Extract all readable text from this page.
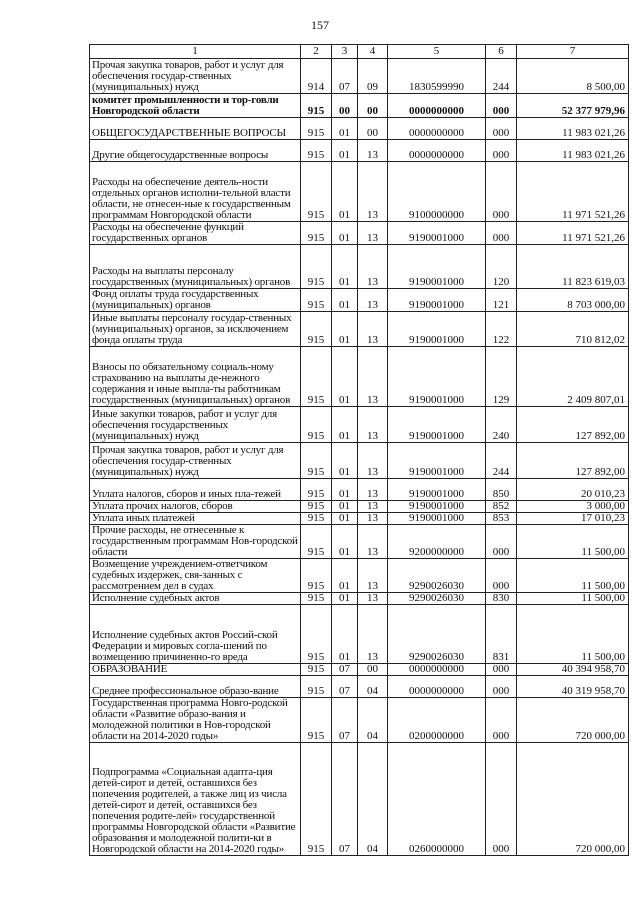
157
1	2	3	4	5	6	7
Прочая закупка товаров, работ и услуг для обеспечения государ-ственных (муниципальных) нужд	914	07	09	1830599990	244	8 500,00
комитет промышленности и тор-говли Новгородской области	915	00	00	0000000000	000	52 377 979,96
ОБЩЕГОСУДАРСТВЕННЫЕ ВОПРОСЫ	915	01	00	0000000000	000	11 983 021,26
Другие общегосударственные вопросы	915	01	13	0000000000	000	11 983 021,26
Расходы на обеспечение деятель-ности отдельных органов исполни-тельной власти области, не отнесен-ные к государственным программам Новгородской области	915	01	13	9100000000	000	11 971 521,26
Расходы на обеспечение функций государственных органов	915	01	13	9190001000	000	11 971 521,26
Расходы на выплаты персоналу государственных (муниципальных) органов	915	01	13	9190001000	120	11 823 619,03
Фонд оплаты труда государственных (муниципальных) органов	915	01	13	9190001000	121	8 703 000,00
Иные выплаты персоналу государ-ственных (муниципальных) органов, за исключением фонда оплаты труда	915	01	13	9190001000	122	710 812,02
Взносы по обязательному социаль-ному страхованию на выплаты де-нежного содержания и иные выпла-ты работникам государственных (муниципальных) органов	915	01	13	9190001000	129	2 409 807,01
Иные закупки товаров, работ и услуг для обеспечения государственных (муниципальных) нужд	915	01	13	9190001000	240	127 892,00
Прочая закупка товаров, работ и услуг для обеспечения государ-ственных (муниципальных) нужд	915	01	13	9190001000	244	127 892,00
Уплата налогов, сборов и иных пла-тежей	915	01	13	9190001000	850	20 010,23
Уплата прочих налогов, сборов	915	01	13	9190001000	852	3 000,00
Уплата иных платежей	915	01	13	9190001000	853	17 010,23
Прочие расходы, не отнесенные к государственным программам Нов-городской области	915	01	13	9200000000	000	11 500,00
Возмещение учреждением-ответчиком судебных издержек, свя-занных с рассмотрением дел в судах	915	01	13	9290026030	000	11 500,00
Исполнение судебных актов	915	01	13	9290026030	830	11 500,00
Исполнение судебных актов Россий-ской Федерации и мировых согла-шений по возмещению причиненно-го вреда	915	01	13	9290026030	831	11 500,00
ОБРАЗОВАНИЕ	915	07	00	0000000000	000	40 394 958,70
Среднее профессиональное образо-вание	915	07	04	0000000000	000	40 319 958,70
Государственная программа Новго-родской области «Развитие образо-вания и молодежной политики в Нов-городской области на 2014-2020 годы»	915	07	04	0200000000	000	720 000,00
Подпрограмма «Социальная адапта-ция детей-сирот и детей, оставшихся без попечения родителей, а также лиц из числа детей-сирот и детей, оставшихся без попечения родите-лей» государственной программы Новгородской области «Развитие образования и молодежной полити-ки в Новгородской области на 2014-2020 годы»	915	07	04	0260000000	000	720 000,00
